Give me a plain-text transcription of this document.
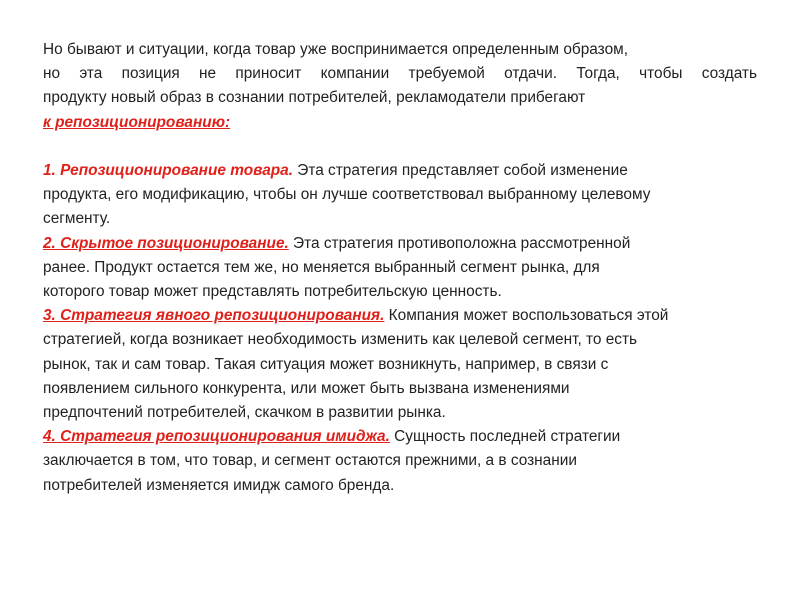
Но бывают и ситуации, когда товар уже воспринимается определенным образом,
но эта позиция не приносит компании требуемой отдачи. Тогда, чтобы создать
продукту новый образ в сознании потребителей, рекламодатели прибегают
к репозиционированию:
1. Репозиционирование товара. Эта стратегия представляет собой изменение
продукта, его модификацию, чтобы он лучше соответствовал выбранному целевому
сегменту.
2. Скрытое позиционирование. Эта стратегия противоположна рассмотренной
ранее. Продукт остается тем же, но меняется выбранный сегмент рынка, для
которого товар может представлять потребительскую ценность.
3. Стратегия явного репозиционирования. Компания может воспользоваться этой
стратегией, когда возникает необходимость изменить как целевой сегмент, то есть
рынок, так и сам товар. Такая ситуация может возникнуть, например, в связи с
появлением сильного конкурента, или может быть вызвана изменениями
предпочтений потребителей, скачком в развитии рынка.
4. Стратегия репозиционирования имиджа. Сущность последней стратегии
заключается в том, что товар, и сегмент остаются прежними, а в сознании
потребителей изменяется имидж самого бренда.
